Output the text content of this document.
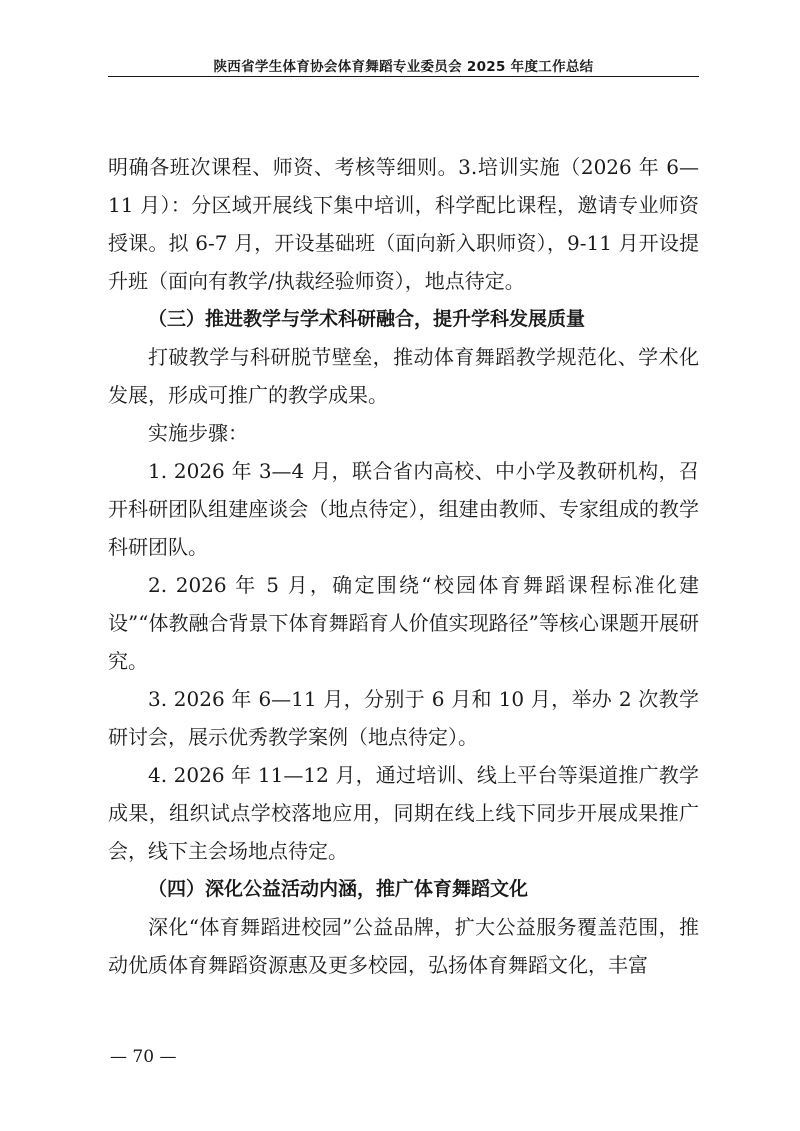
陕西省学生体育协会体育舞蹈专业委员会 2025 年度工作总结

明确各班次课程、师资、考核等细则。3.培训实施（2026 年 6—11 月）：分区域开展线下集中培训，科学配比课程，邀请专业师资授课。拟 6-7 月，开设基础班（面向新入职师资），9-11 月开设提升班（面向有教学/执裁经验师资），地点待定。

（三）推进教学与学术科研融合，提升学科发展质量

打破教学与科研脱节壁垒，推动体育舞蹈教学规范化、学术化发展，形成可推广的教学成果。

实施步骤：

1. 2026 年 3—4 月，联合省内高校、中小学及教研机构，召开科研团队组建座谈会（地点待定），组建由教师、专家组成的教学科研团队。

2. 2026 年 5 月，确定围绕“校园体育舞蹈课程标准化建设”“体教融合背景下体育舞蹈育人价值实现路径”等核心课题开展研究。

3. 2026 年 6—11 月，分别于 6 月和 10 月，举办 2 次教学研讨会，展示优秀教学案例（地点待定）。

4. 2026 年 11—12 月，通过培训、线上平台等渠道推广教学成果，组织试点学校落地应用，同期在线上线下同步开展成果推广会，线下主会场地点待定。

（四）深化公益活动内涵，推广体育舞蹈文化

深化“体育舞蹈进校园”公益品牌，扩大公益服务覆盖范围，推动优质体育舞蹈资源惠及更多校园，弘扬体育舞蹈文化，丰富

— 70 —
